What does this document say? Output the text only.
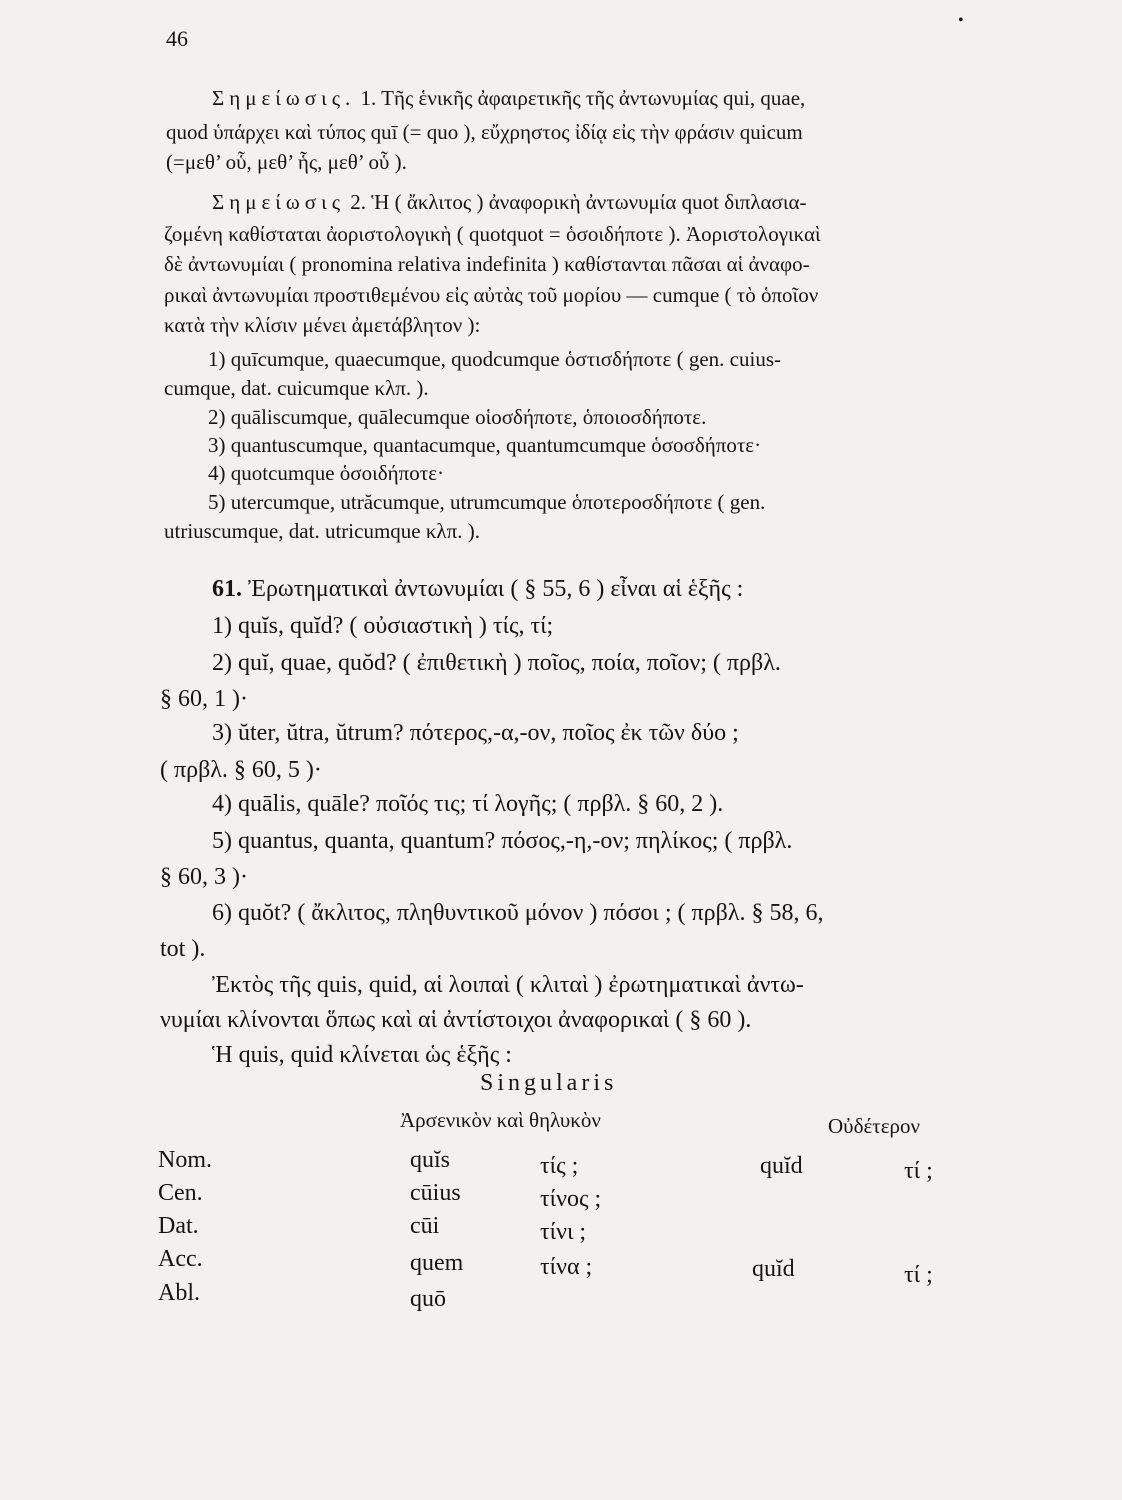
46
•
Σημείωσις. 1. Τῆς ἑνικῆς ἀφαιρετικῆς τῆς ἀντωνυμίας qui, quae,
quod ὑπάρχει καὶ τύπος quī (= quo ), εὔχρηστος ἰδίᾳ εἰς τὴν φράσιν quicum
(=μεθ’ οὗ, μεθ’ ἧς, μεθ’ οὗ ).
Σημείωσις 2. Ἡ ( ἄκλιτος ) ἀναφορικὴ ἀντωνυμία quot διπλασια-
ζομένη καθίσταται ἀοριστολογικὴ ( quotquot = ὁσοιδήποτε ). Ἀοριστολογικαὶ
δὲ ἀντωνυμίαι ( pronomina relativa indefinita ) καθίστανται πᾶσαι αἱ ἀναφο-
ρικαὶ ἀντωνυμίαι προστιθεμένου εἰς αὐτὰς τοῦ μορίου — cumque ( τὸ ὁποῖον
κατὰ τὴν κλίσιν μένει ἀμετάβλητον ):
1) quīcumque, quaecumque, quodcumque ὁστισδήποτε ( gen. cuius-
cumque, dat. cuicumque κλπ. ).
2) quāliscumque, quālecumque οἱοσδήποτε, ὁποιοσδήποτε.
3) quantuscumque, quantacumque, quantumcumque ὁσοσδήποτε·
4) quotcumque ὁσοιδήποτε·
5) utercumque, utrăcumque, utrumcumque ὁποτεροσδήποτε ( gen.
utriuscumque, dat. utricumque κλπ. ).
61. Ἐρωτηματικαὶ ἀντωνυμίαι ( § 55, 6 ) εἶναι αἱ ἑξῆς :
1) quĭs, quĭd? ( οὐσιαστικὴ ) τίς, τί;
2) quĭ, quae, quŏd? ( ἐπιθετικὴ ) ποῖος, ποία, ποῖον; ( πρβλ.
§ 60, 1 )·
3) ŭter, ŭtra, ŭtrum? πότερος,-α,-ον, ποῖος ἐκ τῶν δύο ;
( πρβλ. § 60, 5 )·
4) quālis, quāle? ποῖός τις; τί λογῆς; ( πρβλ. § 60, 2 ).
5) quantus, quanta, quantum? πόσος,-η,-ον; πηλίκος; ( πρβλ.
§ 60, 3 )·
6) quŏt? ( ἄκλιτος, πληθυντικοῦ μόνον ) πόσοι ; ( πρβλ. § 58, 6,
tot ).
Ἐκτὸς τῆς quis, quid, αἱ λοιπαὶ ( κλιταὶ ) ἐρωτηματικαὶ ἀντω-
νυμίαι κλίνονται ὅπως καὶ αἱ ἀντίστοιχοι ἀναφορικαὶ ( § 60 ).
Ἡ quis, quid κλίνεται ὡς ἑξῆς :
Singularis
Ἀρσενικὸν καὶ θηλυκὸν	Οὐδέτερον
Nom.	quĭs	τίς ;	quĭd	τί ;
Cen.	cūius	τίνος ;
Dat.	cūi	τίνι ;
Acc.	quem	τίνα ;	quĭd	τί ;
Abl.	quō
